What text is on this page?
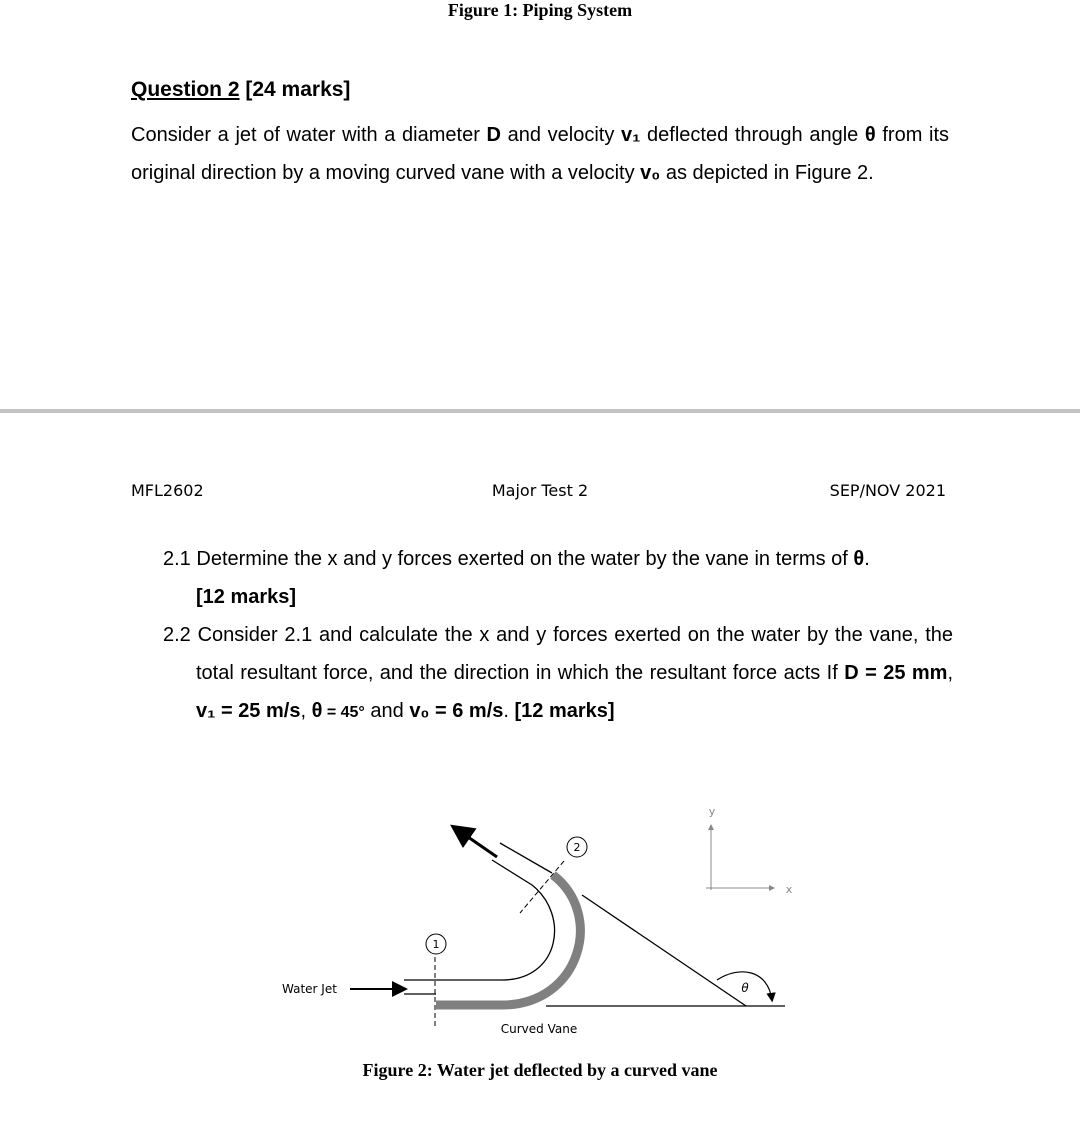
Figure 1: Piping System
Question 2 [24 marks]
Consider a jet of water with a diameter D and velocity v₁ deflected through angle θ from its original direction by a moving curved vane with a velocity v₀ as depicted in Figure 2.
MFL2602	Major Test 2	SEP/NOV 2021
2.1 Determine the x and y forces exerted on the water by the vane in terms of θ.
[12 marks]
2.2 Consider 2.1 and calculate the x and y forces exerted on the water by the vane, the total resultant force, and the direction in which the resultant force acts If D = 25 mm, v₁ = 25 m/s, θ = 45° and v₀ = 6 m/s. [12 marks]
Water Jet
1
2
θ
y
x
Curved Vane
Figure 2: Water jet deflected by a curved vane
